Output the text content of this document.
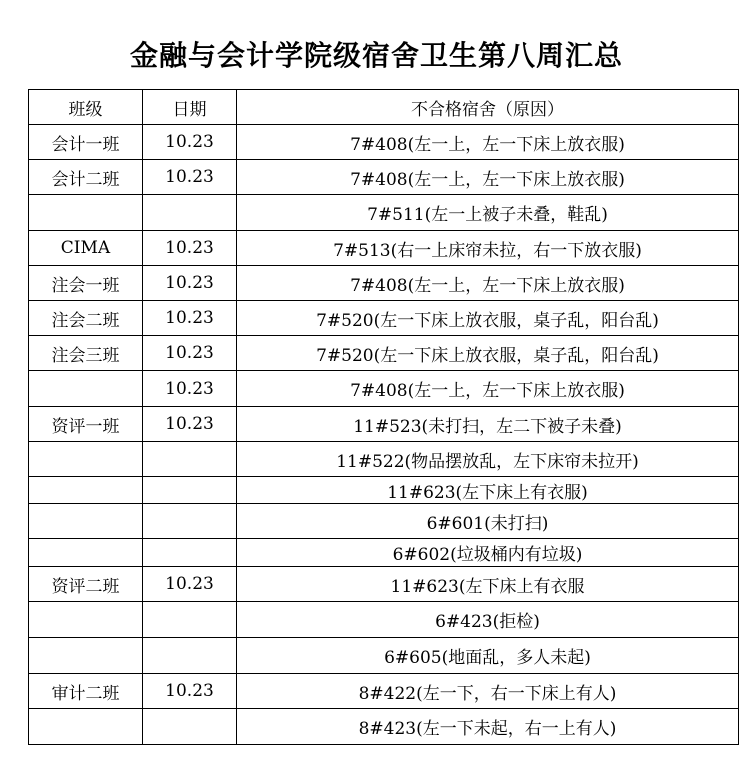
金融与会计学院级宿舍卫生第八周汇总
班级	日期	不合格宿舍（原因）
会计一班	10.23	7#408(左一上，左一下床上放衣服)
会计二班	10.23	7#408(左一上，左一下床上放衣服)
		7#511(左一上被子未叠，鞋乱)
CIMA	10.23	7#513(右一上床帘未拉，右一下放衣服)
注会一班	10.23	7#408(左一上，左一下床上放衣服)
注会二班	10.23	7#520(左一下床上放衣服，桌子乱，阳台乱)
注会三班	10.23	7#520(左一下床上放衣服，桌子乱，阳台乱)
	10.23	7#408(左一上，左一下床上放衣服)
资评一班	10.23	11#523(未打扫，左二下被子未叠)
		11#522(物品摆放乱，左下床帘未拉开)
		11#623(左下床上有衣服)
		6#601(未打扫)
		6#602(垃圾桶内有垃圾)
资评二班	10.23	11#623(左下床上有衣服
		6#423(拒检)
		6#605(地面乱，多人未起)
审计二班	10.23	8#422(左一下，右一下床上有人)
		8#423(左一下未起，右一上有人)
